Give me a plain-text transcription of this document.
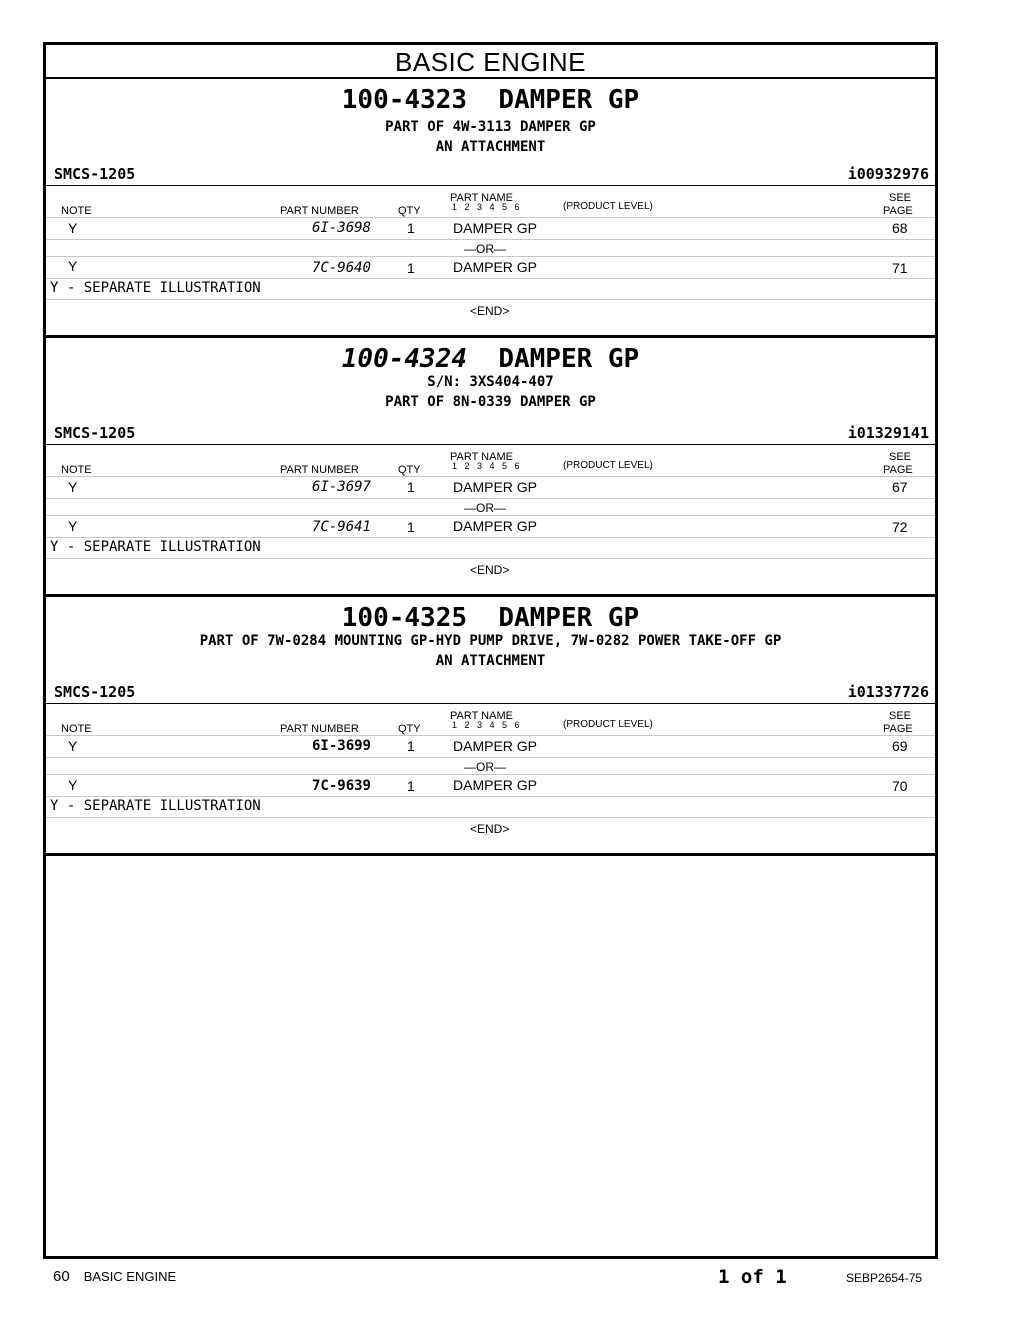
BASIC ENGINE
100-4323 DAMPER GP
PART OF 4W-3113 DAMPER GP
AN ATTACHMENT
SMCS-1205	i00932976
PART NAME
1   2   3   4   5   6	(PRODUCT LEVEL)
SEE
NOTE	PART NUMBER	QTY	PAGE
Y	6I-3698	1	DAMPER GP	68
—OR—
Y	7C-9640	1	DAMPER GP	71
Y - SEPARATE ILLUSTRATION
<END>
100-4324 DAMPER GP
S/N: 3XS404-407
PART OF 8N-0339 DAMPER GP
SMCS-1205	i01329141
PART NAME
1   2   3   4   5   6	(PRODUCT LEVEL)
SEE
NOTE	PART NUMBER	QTY	PAGE
Y	6I-3697	1	DAMPER GP	67
—OR—
Y	7C-9641	1	DAMPER GP	72
Y - SEPARATE ILLUSTRATION
<END>
100-4325 DAMPER GP
PART OF 7W-0284 MOUNTING GP-HYD PUMP DRIVE, 7W-0282 POWER TAKE-OFF GP
AN ATTACHMENT
SMCS-1205	i01337726
PART NAME
1   2   3   4   5   6	(PRODUCT LEVEL)
SEE
NOTE	PART NUMBER	QTY	PAGE
Y	6I-3699	1	DAMPER GP	69
—OR—
Y	7C-9639	1	DAMPER GP	70
Y - SEPARATE ILLUSTRATION
<END>
60 BASIC ENGINE	1 of 1	SEBP2654-75
